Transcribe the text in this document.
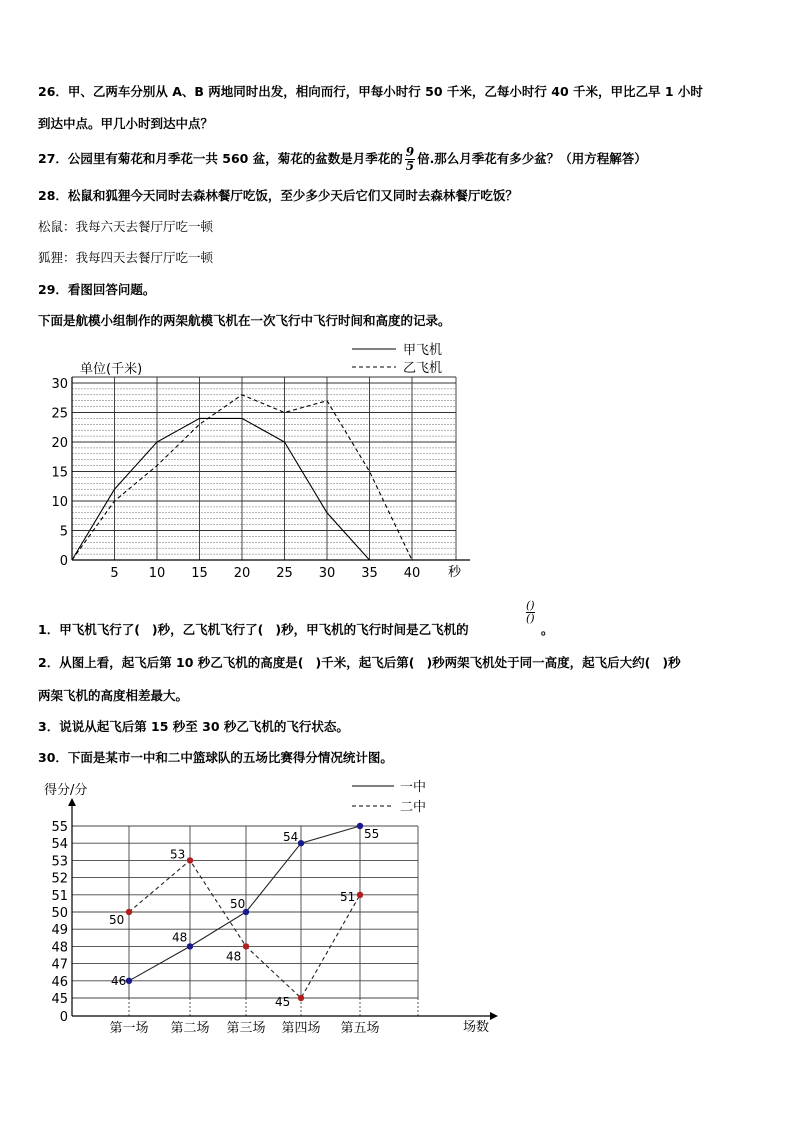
26．甲、乙两车分别从 A、B 两地同时出发，相向而行，甲每小时行 50 千米，乙每小时行 40 千米，甲比乙早 1 小时
到达中点。甲几小时到达中点？
27．公园里有菊花和月季花一共 560 盆，菊花的盆数是月季花的 $\frac{9}{5}$ 倍.那么月季花有多少盆？（用方程解答）
28．松鼠和狐狸今天同时去森林餐厅吃饭，至少多少天后它们又同时去森林餐厅吃饭？
松鼠：我每六天去餐厅厅吃一顿
狐狸：我每四天去餐厅厅吃一顿
29．看图回答问题。
下面是航模小组制作的两架航模飞机在一次飞行中飞行时间和高度的记录。
单位(千米)
秒
0
5
10
15
20
25
30
5 10 15 20 25 30 35 40
甲飞机
乙飞机
1．甲飞机飞行了( )秒，乙飞机飞行了( )秒，甲飞机的飞行时间是乙飞机的
()
()
。
2．从图上看，起飞后第 10 秒乙飞机的高度是( )千米，起飞后第( )秒两架飞机处于同一高度，起飞后大约( )秒
两架飞机的高度相差最大。
3．说说从起飞后第 15 秒至 30 秒乙飞机的飞行状态。
30．下面是某市一中和二中篮球队的五场比赛得分情况统计图。
得分/分
场数
0
45
46
47
48
49
50
51
52
53
54
55
第一场 第二场 第三场 第四场 第五场
46
48
50
54	55
50
53
48
45
51
一中
二中
